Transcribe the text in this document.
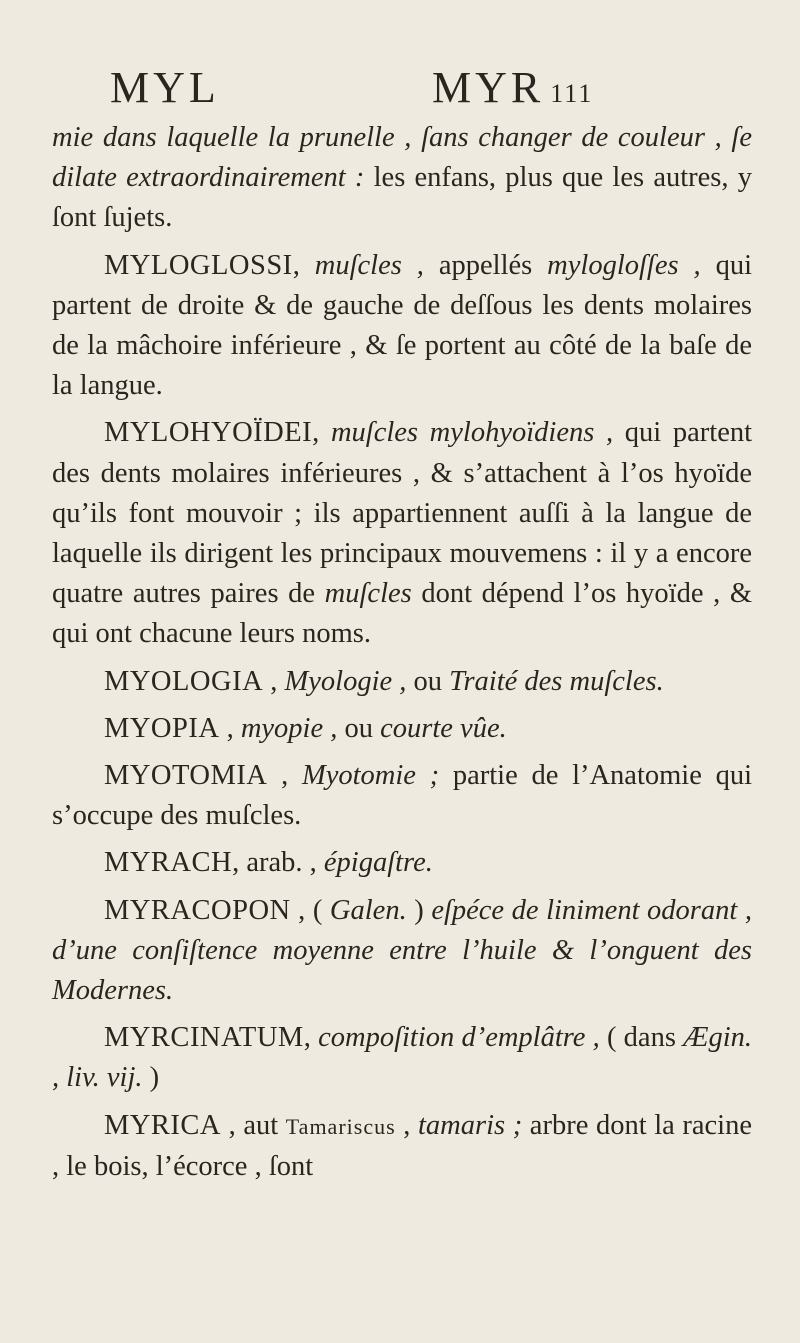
MYL	MYR 111

mie dans laquelle la prunelle , ſans changer de couleur , ſe dilate extraordinairement : les enfans, plus que les autres, y ſont ſujets.

MYLOGLOSSI, muſcles , appellés mylogloſſes , qui partent de droite & de gauche de deſſous les dents molaires de la mâchoire inférieure , & ſe portent au côté de la baſe de la langue.

MYLOHYOÏDEI, muſcles mylohyoïdiens , qui partent des dents molaires inférieures , & s’attachent à l’os hyoïde qu’ils font mouvoir ; ils appartiennent auſſi à la langue de laquelle ils dirigent les principaux mouvemens : il y a encore quatre autres paires de muſcles dont dépend l’os hyoïde , & qui ont chacune leurs noms.

MYOLOGIA , Myologie , ou Traité des muſcles.

MYOPIA , myopie , ou courte vûe.

MYOTOMIA , Myotomie ; partie de l’Anatomie qui s’occupe des muſcles.

MYRACH, arab. , épigaſtre.

MYRACOPON , ( Galen. ) eſpéce de liniment odorant , d’une conſiſtence moyenne entre l’huile & l’onguent des Modernes.

MYRCINATUM, compoſition d’emplâtre , ( dans Ægin. , liv. vij. )

MYRICA , aut Tamariscus , tamaris ; arbre dont la racine , le bois, l’écorce , ſont
